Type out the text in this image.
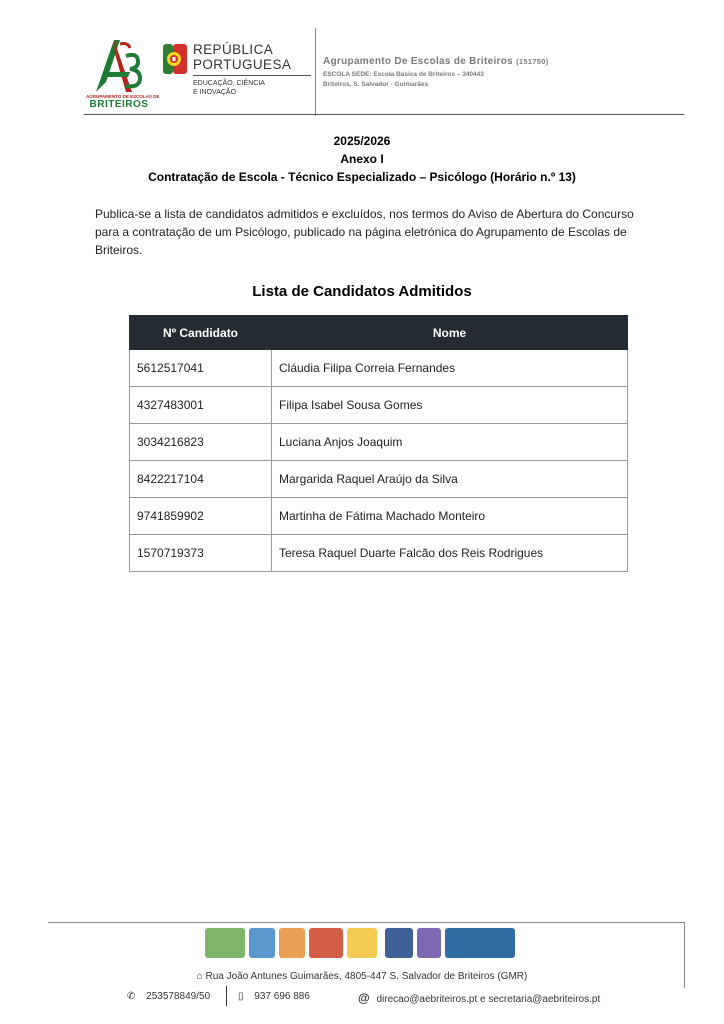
AGRUPAMENTO DE ESCOLAS DE
BRITEIROS
REPÚBLICA
PORTUGUESA
EDUCAÇÃO, CIÊNCIA
E INOVAÇÃO
Agrupamento De Escolas de Briteiros (151750)
ESCOLA SEDE: Escola Básica de Briteiros – 340443
Briteiros, S. Salvador - Guimarães
2025/2026
Anexo I
Contratação de Escola - Técnico Especializado – Psicólogo (Horário n.º 13)
Publica-se a lista de candidatos admitidos e excluídos, nos termos do Aviso de Abertura do Concurso para a contratação de um Psicólogo, publicado na página eletrónica do Agrupamento de Escolas de Briteiros.
Lista de Candidatos Admitidos
Nº Candidato	Nome
5612517041	Cláudia Filipa Correia Fernandes
4327483001	Filipa Isabel Sousa Gomes
3034216823	Luciana Anjos Joaquim
8422217104	Margarida Raquel Araújo da Silva
9741859902	Martinha de Fátima Machado Monteiro
1570719373	Teresa Raquel Duarte Falcão dos Reis Rodrigues
⌂ Rua João Antunes Guimarães, 4805-447 S. Salvador de Briteiros (GMR)
✆ 253578849/50	▯ 937 696 886	@ direcao@aebriteiros.pt e secretaria@aebriteiros.pt
